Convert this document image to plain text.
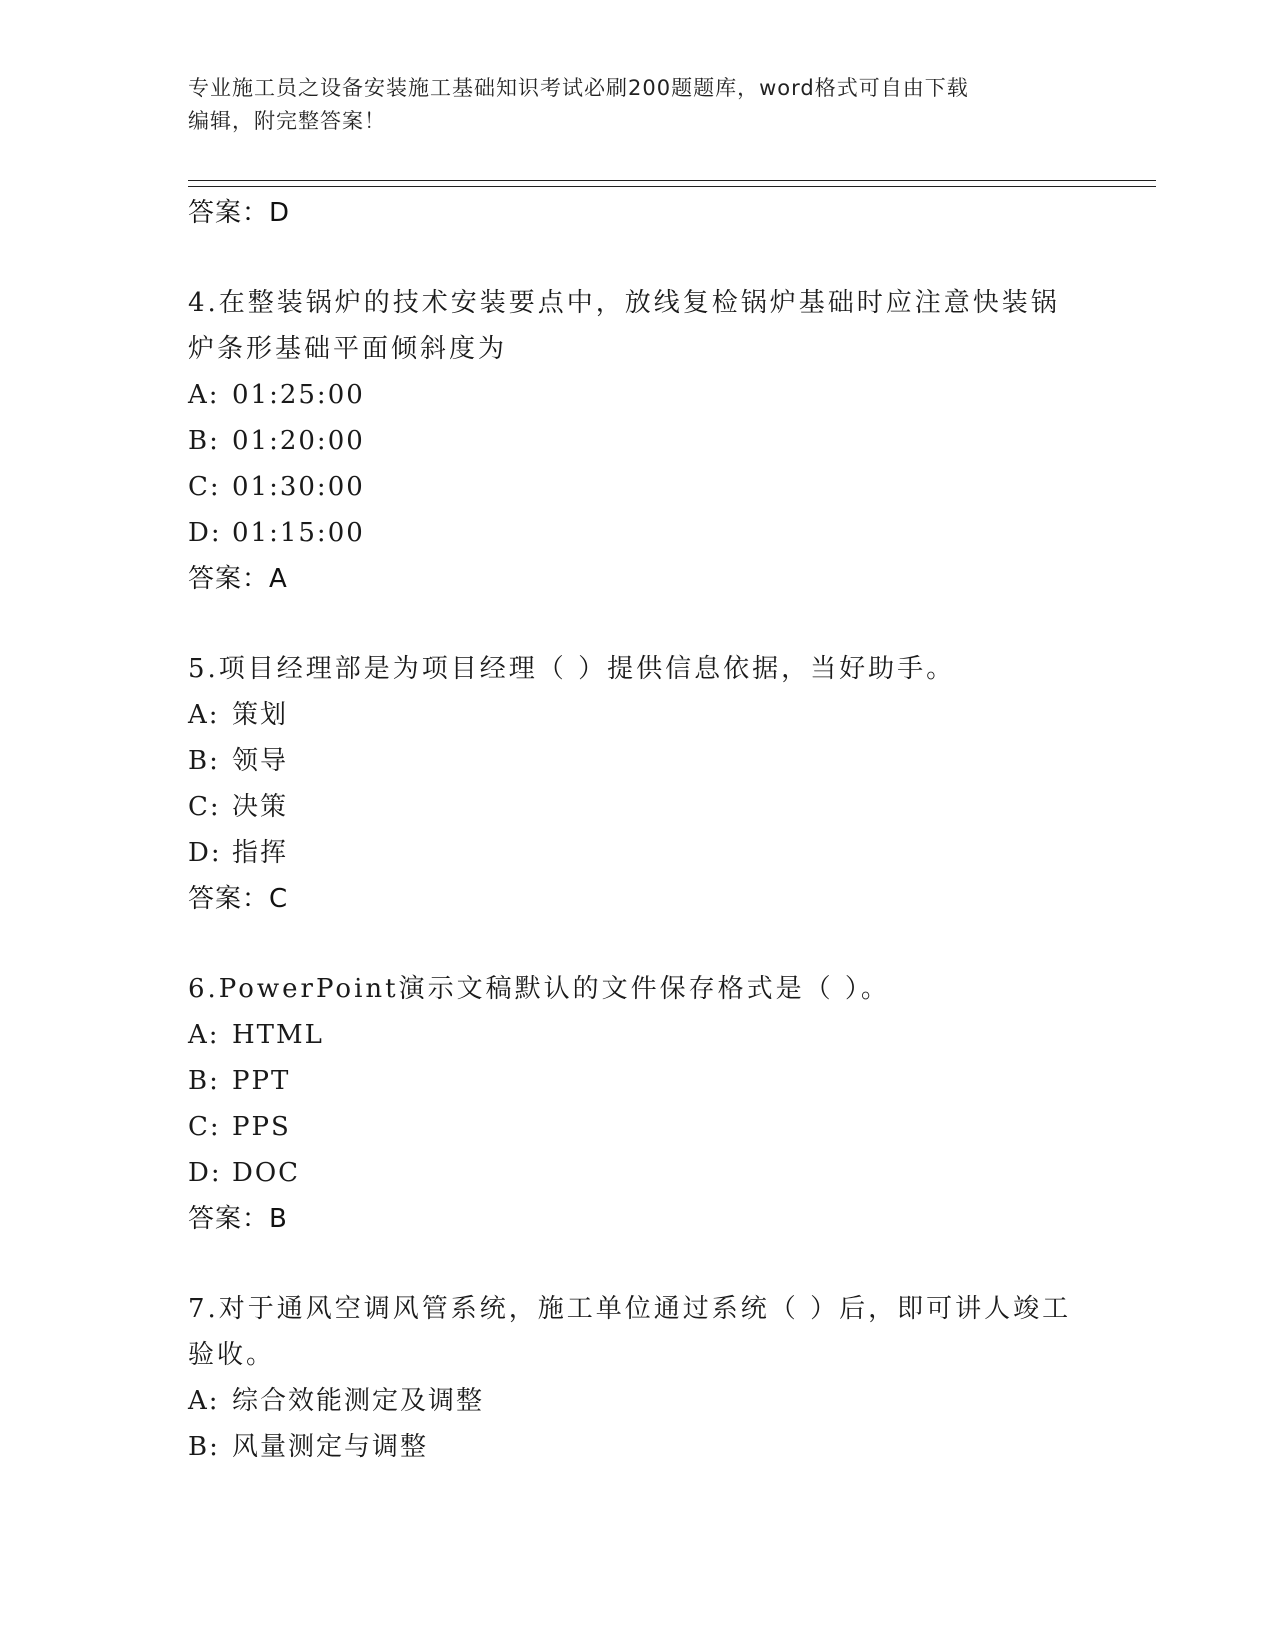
专业施工员之设备安装施工基础知识考试必刷200题题库，word格式可自由下载
编辑，附完整答案！
答案：D
4.在整装锅炉的技术安装要点中，放线复检锅炉基础时应注意快装锅炉条形基础平面倾斜度为
A: 01:25:00
B: 01:20:00
C: 01:30:00
D: 01:15:00
答案：A
5.项目经理部是为项目经理（ ）提供信息依据，当好助手。
A: 策划
B: 领导
C: 决策
D: 指挥
答案：C
6.PowerPoint演示文稿默认的文件保存格式是（ ）。
A: HTML
B: PPT
C: PPS
D: DOC
答案：B
7.对于通风空调风管系统，施工单位通过系统（ ）后，即可讲人竣工验收。
A: 综合效能测定及调整
B: 风量测定与调整
